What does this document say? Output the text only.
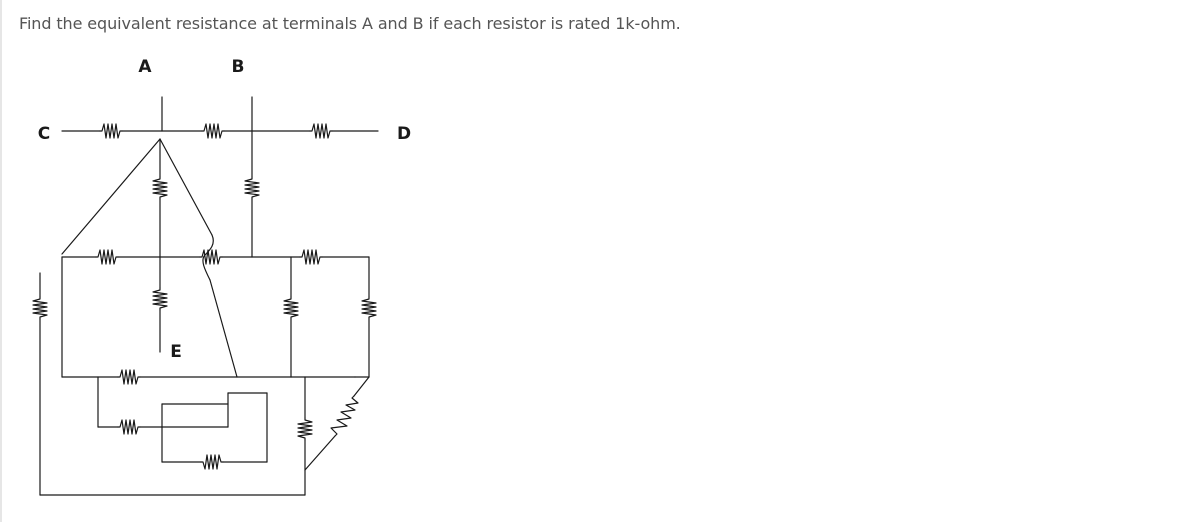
Find the equivalent resistance at terminals A and B if each resistor is rated 1k-ohm.
A	B
C	D
E
